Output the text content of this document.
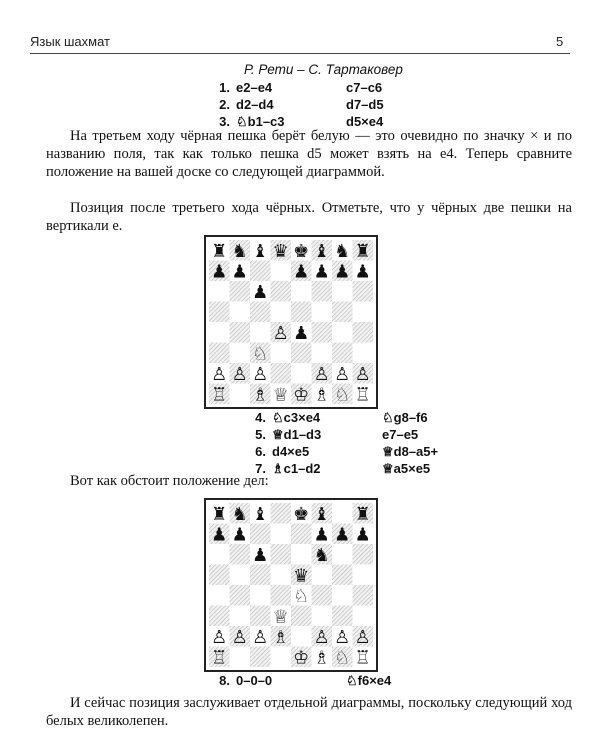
Язык шахмат	5
Р. Рети – С. Тартаковер
1.	e2–e4	c7–c6
2.	d2–d4	d7–d5
3.	♘b1–c3	d5×e4

На третьем ходу чёрная пешка берёт белую — это очевидно по значку × и по названию поля, так как только пешка d5 может взять на e4. Теперь сравните положение на вашей доске со следующей диаграммой.

Позиция после третьего хода чёрных. Отметьте, что у чёрных две пешки на вертикали e.

♜ ♞ ♝ ♛ ♚ ♝ ♞ ♜
♟ ♟	♟ ♟ ♟ ♟
♟
♙ ♟
♘
♙ ♙ ♙	♙ ♙ ♙
♖ ♗ ♕ ♔ ♗ ♘ ♖
4.	♘c3×e4	♘g8–f6
5.	♕d1–d3	e7–e5
6.	d4×e5	♕d8–a5+
7.	♗c1–d2	♕a5×e5

Вот как обстоит положение дел:

♜ ♞ ♝ ♚ ♝ ♜
♟ ♟	♟ ♟ ♟
♟	♞
♛
♘
♕
♙ ♙ ♙ ♗ ♙ ♙ ♙
♖	♔ ♗ ♘ ♖
8.	0–0–0	♘f6×e4

И сейчас позиция заслуживает отдельной диаграммы, поскольку следующий ход белых великолепен.
